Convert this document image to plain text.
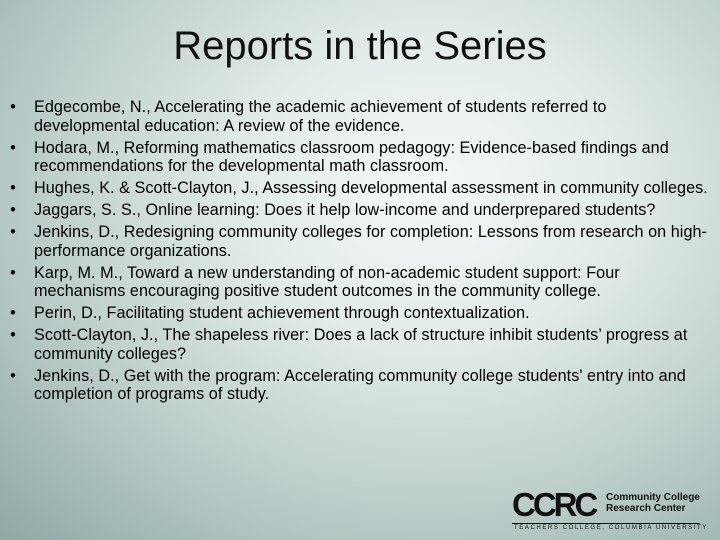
Reports in the Series
• Edgecombe, N., Accelerating the academic achievement of students referred to developmental education: A review of the evidence.
• Hodara, M., Reforming mathematics classroom pedagogy: Evidence-based findings and recommendations for the developmental math classroom.
• Hughes, K. & Scott-Clayton, J., Assessing developmental assessment in community colleges.
• Jaggars, S. S., Online learning: Does it help low-income and underprepared students?
• Jenkins, D., Redesigning community colleges for completion: Lessons from research on high-performance organizations.
• Karp, M. M., Toward a new understanding of non-academic student support: Four mechanisms encouraging positive student outcomes in the community college.
• Perin, D., Facilitating student achievement through contextualization.
• Scott-Clayton, J., The shapeless river: Does a lack of structure inhibit students’ progress at community colleges?
• Jenkins, D., Get with the program: Accelerating community college students' entry into and completion of programs of study.
CCRC Community College
Research Center
TEACHERS COLLEGE, COLUMBIA UNIVERSITY
